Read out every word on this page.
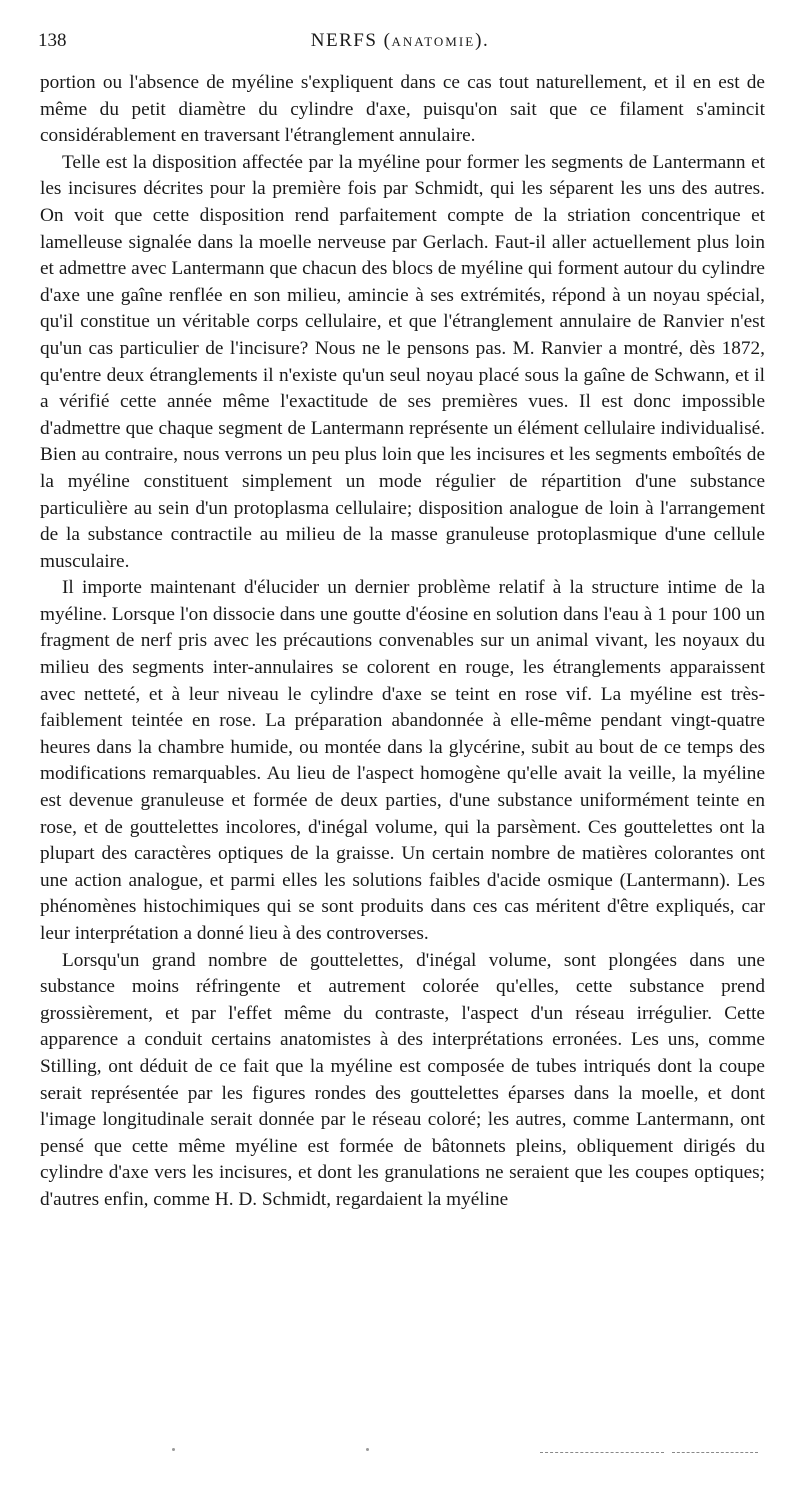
138	NERFS (ANATOMIE).

portion ou l'absence de myéline s'expliquent dans ce cas tout naturellement, et il en est de même du petit diamètre du cylindre d'axe, puisqu'on sait que ce filament s'amincit considérablement en traversant l'étranglement annulaire.

Telle est la disposition affectée par la myéline pour former les segments de Lantermann et les incisures décrites pour la première fois par Schmidt, qui les séparent les uns des autres. On voit que cette disposition rend parfaitement compte de la striation concentrique et lamelleuse signalée dans la moelle nerveuse par Gerlach. Faut-il aller actuellement plus loin et admettre avec Lantermann que chacun des blocs de myéline qui forment autour du cylindre d'axe une gaîne renflée en son milieu, amincie à ses extrémités, répond à un noyau spécial, qu'il constitue un véritable corps cellulaire, et que l'étranglement annulaire de Ranvier n'est qu'un cas particulier de l'incisure? Nous ne le pensons pas. M. Ranvier a montré, dès 1872, qu'entre deux étranglements il n'existe qu'un seul noyau placé sous la gaîne de Schwann, et il a vérifié cette année même l'exactitude de ses premières vues. Il est donc impossible d'admettre que chaque segment de Lantermann représente un élément cellulaire individualisé. Bien au contraire, nous verrons un peu plus loin que les incisures et les segments emboîtés de la myéline constituent simplement un mode régulier de répartition d'une substance particulière au sein d'un protoplasma cellulaire; disposition analogue de loin à l'arrangement de la substance contractile au milieu de la masse granuleuse protoplasmique d'une cellule musculaire.

Il importe maintenant d'élucider un dernier problème relatif à la structure intime de la myéline. Lorsque l'on dissocie dans une goutte d'éosine en solution dans l'eau à 1 pour 100 un fragment de nerf pris avec les précautions convenables sur un animal vivant, les noyaux du milieu des segments inter-annulaires se colorent en rouge, les étranglements apparaissent avec netteté, et à leur niveau le cylindre d'axe se teint en rose vif. La myéline est très-faiblement teintée en rose. La préparation abandonnée à elle-même pendant vingt-quatre heures dans la chambre humide, ou montée dans la glycérine, subit au bout de ce temps des modifications remarquables. Au lieu de l'aspect homogène qu'elle avait la veille, la myéline est devenue granuleuse et formée de deux parties, d'une substance uniformément teinte en rose, et de gouttelettes incolores, d'inégal volume, qui la parsèment. Ces gouttelettes ont la plupart des caractères optiques de la graisse. Un certain nombre de matières colorantes ont une action analogue, et parmi elles les solutions faibles d'acide osmique (Lantermann). Les phénomènes histochimiques qui se sont produits dans ces cas méritent d'être expliqués, car leur interprétation a donné lieu à des controverses.

Lorsqu'un grand nombre de gouttelettes, d'inégal volume, sont plongées dans une substance moins réfringente et autrement colorée qu'elles, cette substance prend grossièrement, et par l'effet même du contraste, l'aspect d'un réseau irrégulier. Cette apparence a conduit certains anatomistes à des interprétations erronées. Les uns, comme Stilling, ont déduit de ce fait que la myéline est composée de tubes intriqués dont la coupe serait représentée par les figures rondes des gouttelettes éparses dans la moelle, et dont l'image longitudinale serait donnée par le réseau coloré; les autres, comme Lantermann, ont pensé que cette même myéline est formée de bâtonnets pleins, obliquement dirigés du cylindre d'axe vers les incisures, et dont les granulations ne seraient que les coupes optiques; d'autres enfin, comme H. D. Schmidt, regardaient la myéline
